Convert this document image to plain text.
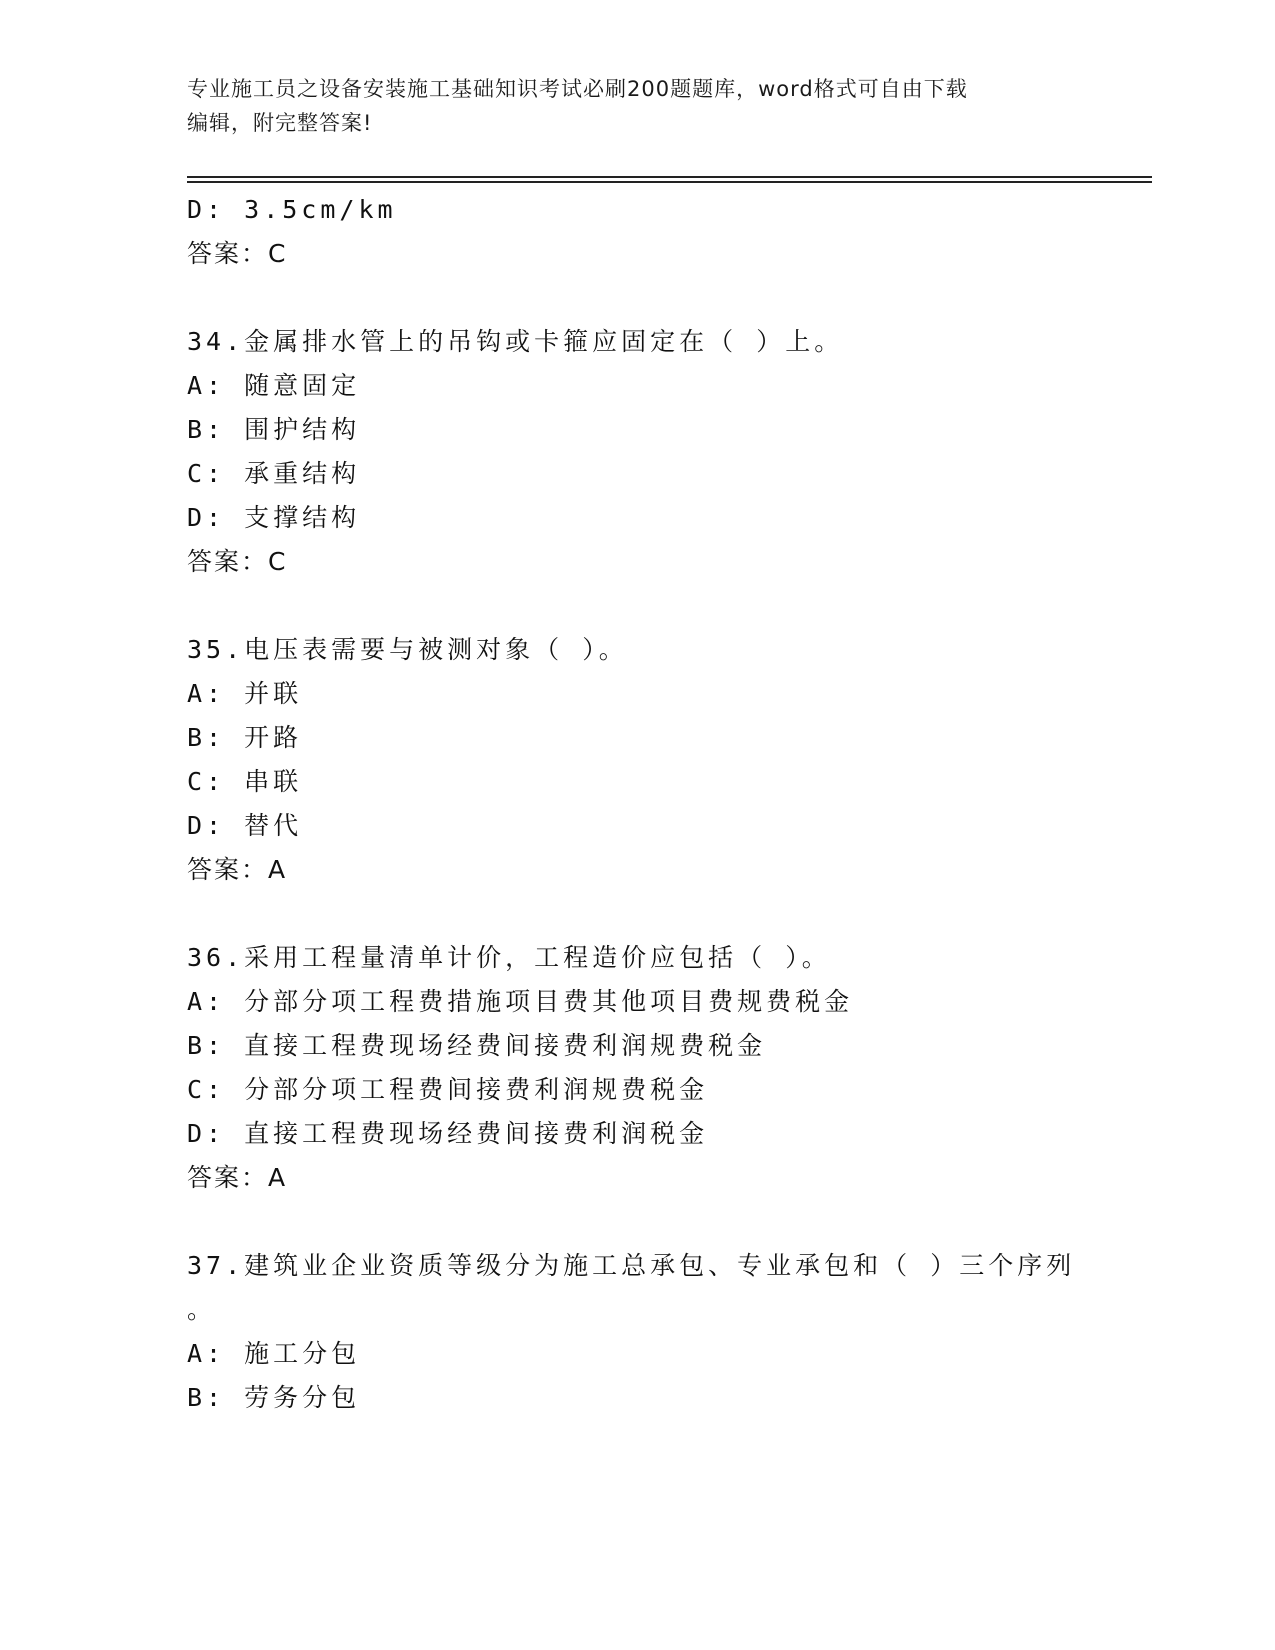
专业施工员之设备安装施工基础知识考试必刷200题题库，word格式可自由下载
编辑，附完整答案!
D: 3.5cm/km
答案：C
34.金属排水管上的吊钩或卡箍应固定在（ ）上。
A: 随意固定
B: 围护结构
C: 承重结构
D: 支撑结构
答案：C
35.电压表需要与被测对象（ ）。
A: 并联
B: 开路
C: 串联
D: 替代
答案：A
36.采用工程量清单计价，工程造价应包括（ ）。
A: 分部分项工程费措施项目费其他项目费规费税金
B: 直接工程费现场经费间接费利润规费税金
C: 分部分项工程费间接费利润规费税金
D: 直接工程费现场经费间接费利润税金
答案：A
37.建筑业企业资质等级分为施工总承包、专业承包和（ ）三个序列
。
A: 施工分包
B: 劳务分包
